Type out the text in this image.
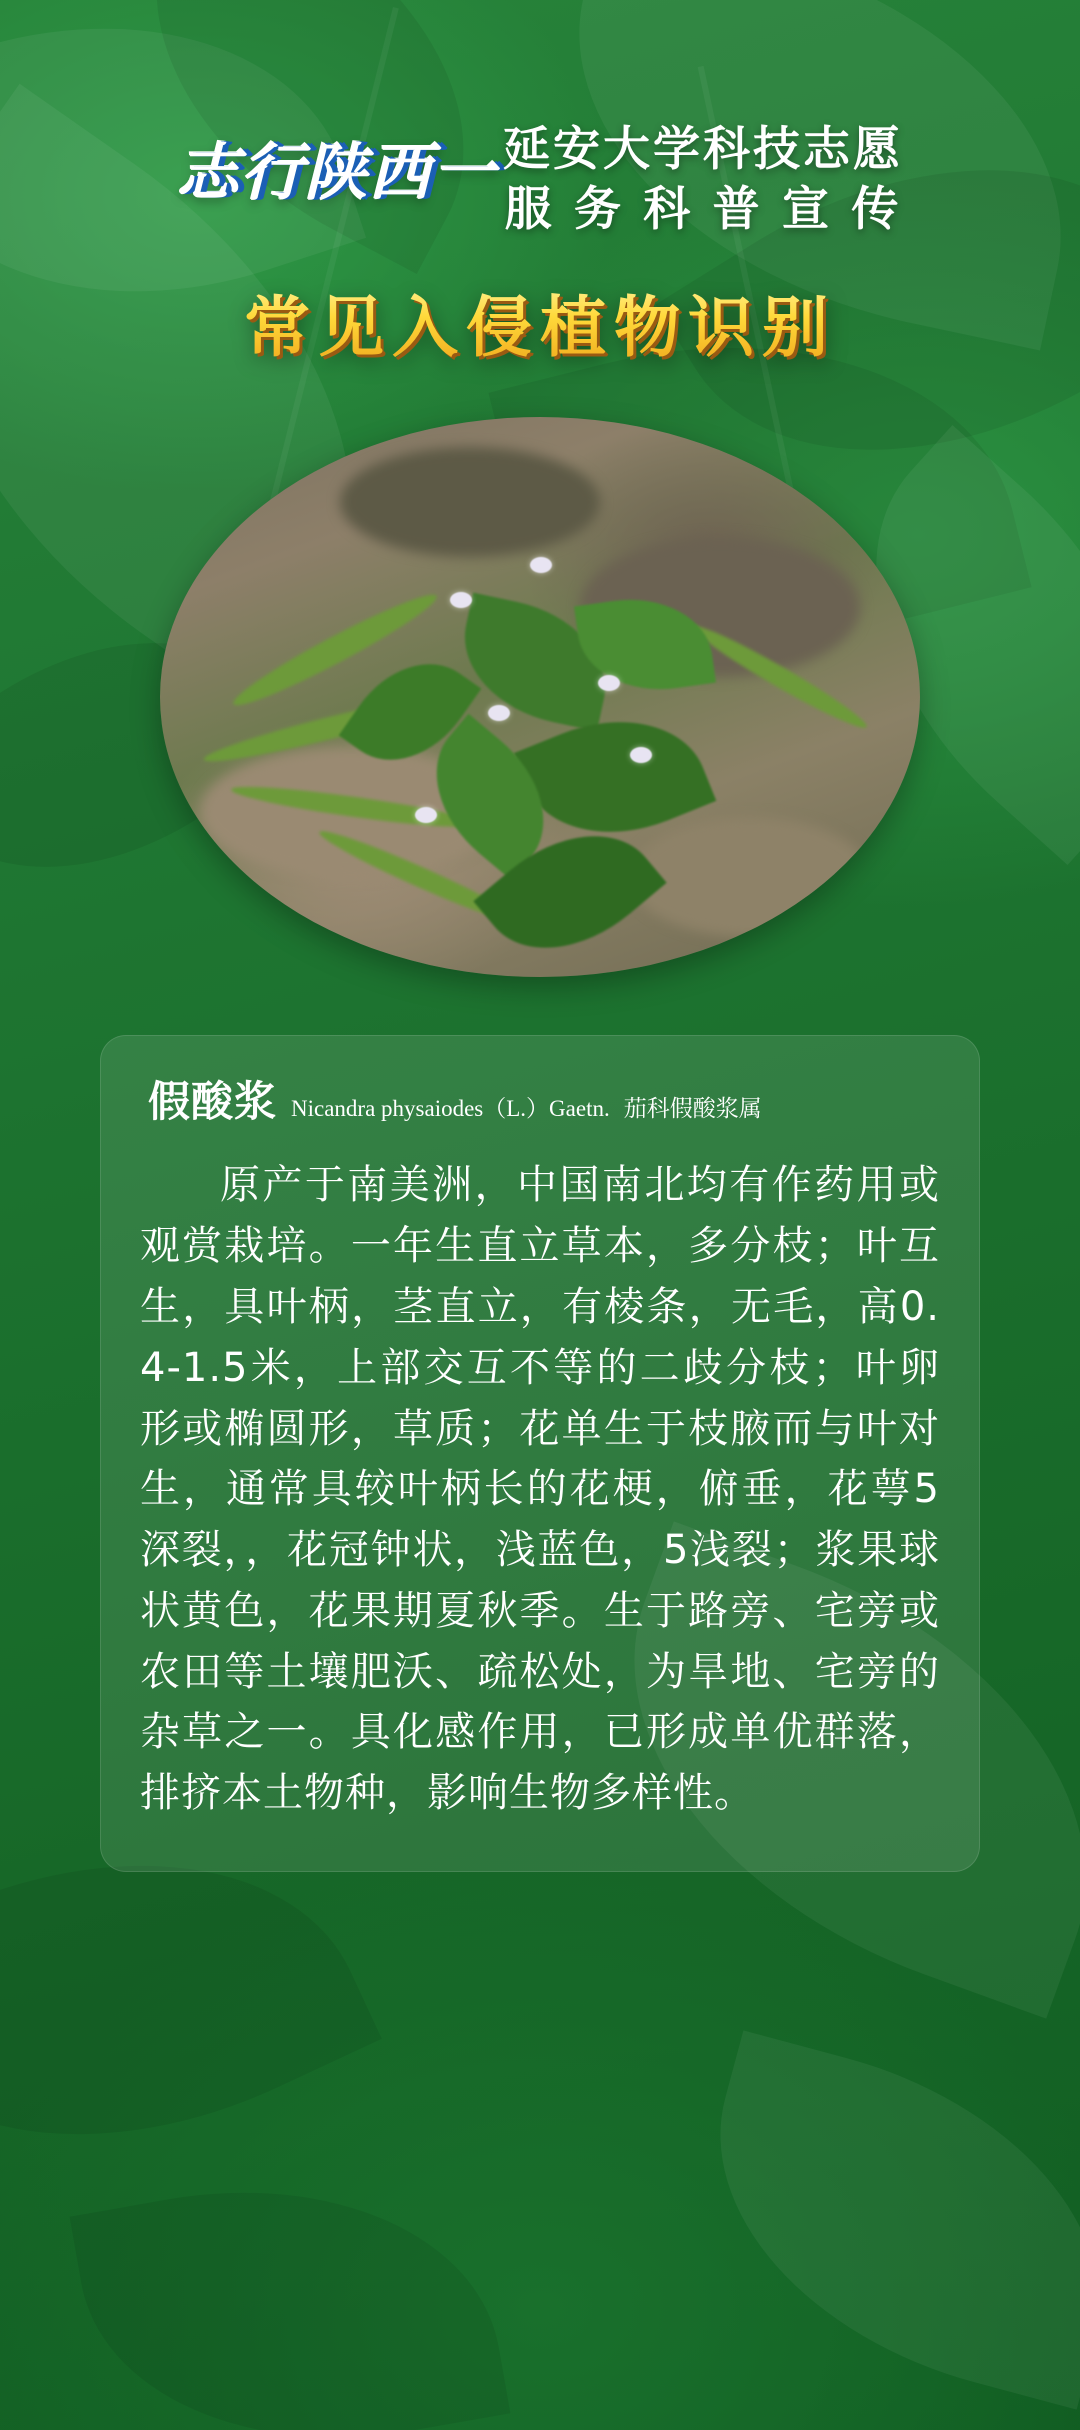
志行陕西一 延安大学科技志愿
服 务 科 普 宣 传
常见入侵植物识别
假酸浆 Nicandra physaiodes（L.）Gaetn. 茄科假酸浆属
原产于南美洲，中国南北均有作药用或观赏栽培。一年生直立草本，多分枝；叶互生，具叶柄，茎直立，有棱条，无毛，高0.4-1.5米，上部交互不等的二歧分枝；叶卵形或椭圆形，草质；花单生于枝腋而与叶对生，通常具较叶柄长的花梗，俯垂，花萼5深裂，，花冠钟状，浅蓝色，5浅裂；浆果球状黄色，花果期夏秋季。生于路旁、宅旁或农田等土壤肥沃、疏松处，为旱地、宅旁的杂草之一。具化感作用，已形成单优群落，排挤本土物种，影响生物多样性。
